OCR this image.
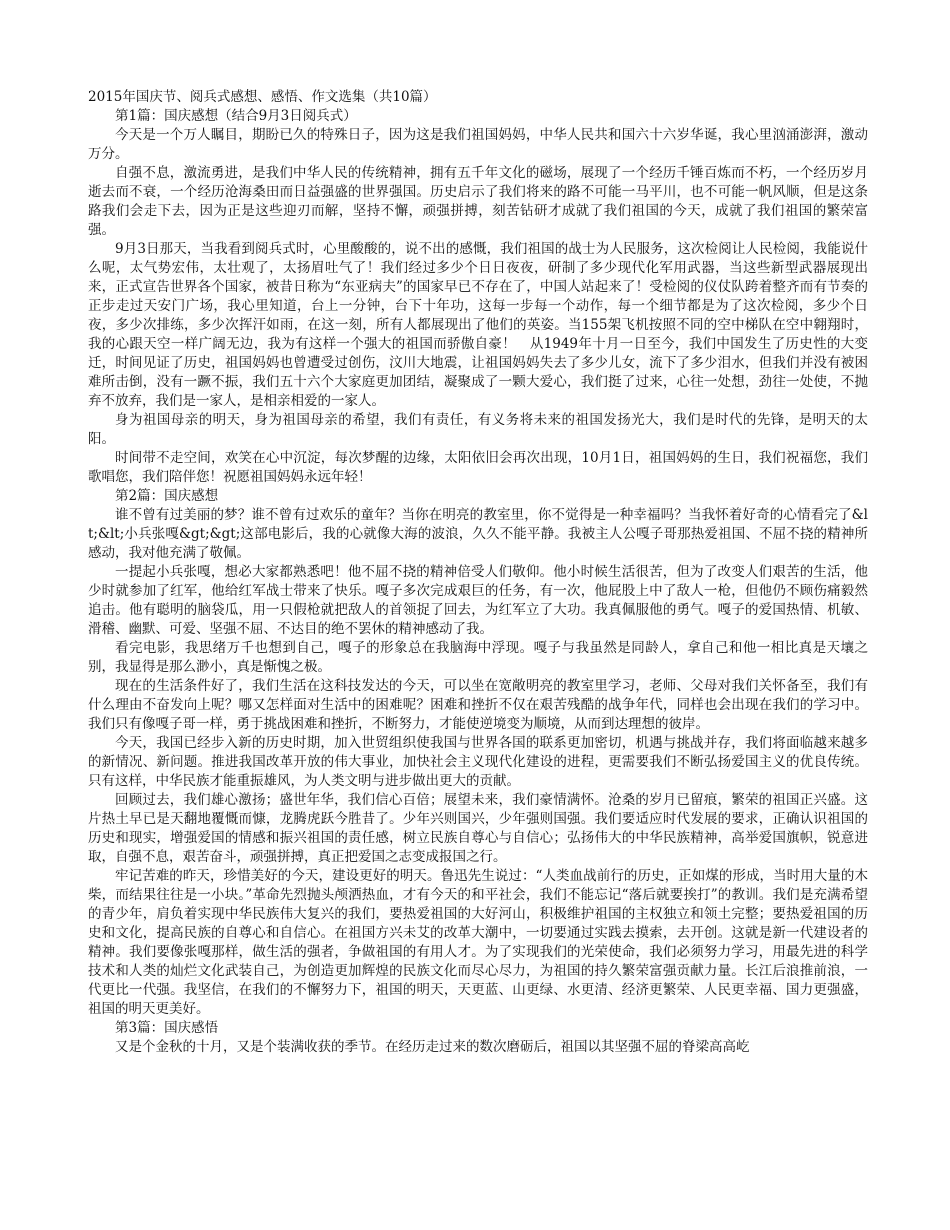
2015年国庆节、阅兵式感想、感悟、作文选集（共10篇）

第1篇：国庆感想（结合9月3日阅兵式）

今天是一个万人瞩目，期盼已久的特殊日子，因为这是我们祖国妈妈，中华人民共和国六十六岁华诞，我心里汹涌澎湃，激动万分。

自强不息，激流勇进，是我们中华人民的传统精神，拥有五千年文化的磁场，展现了一个经历千锤百炼而不朽，一个经历岁月逝去而不衰，一个经历沧海桑田而日益强盛的世界强国。历史启示了我们将来的路不可能一马平川，也不可能一帆风顺，但是这条路我们会走下去，因为正是这些迎刃而解，坚持不懈，顽强拼搏，刻苦钻研才成就了我们祖国的今天，成就了我们祖国的繁荣富强。

9月3日那天，当我看到阅兵式时，心里酸酸的，说不出的感慨，我们祖国的战士为人民服务，这次检阅让人民检阅，我能说什么呢，太气势宏伟，太壮观了，太扬眉吐气了！我们经过多少个日日夜夜，研制了多少现代化军用武器，当这些新型武器展现出来，正式宣告世界各个国家，被昔日称为“东亚病夫”的国家早已不存在了，中国人站起来了！受检阅的仪仗队跨着整齐而有节奏的正步走过天安门广场，我心里知道，台上一分钟，台下十年功，这每一步每一个动作，每一个细节都是为了这次检阅，多少个日夜，多少次排练，多少次挥汗如雨，在这一刻，所有人都展现出了他们的英姿。当155架飞机按照不同的空中梯队在空中翱翔时，我的心跟天空一样广阔无边，我为有这样一个强大的祖国而骄傲自豪！　从1949年十月一日至今，我们中国发生了历史性的大变迁，时间见证了历史，祖国妈妈也曾遭受过创伤，汶川大地震，让祖国妈妈失去了多少儿女，流下了多少泪水，但我们并没有被困难所击倒，没有一蹶不振，我们五十六个大家庭更加团结，凝聚成了一颗大爱心，我们挺了过来，心往一处想，劲往一处使，不抛弃不放弃，我们是一家人，是相亲相爱的一家人。

身为祖国母亲的明天，身为祖国母亲的希望，我们有责任，有义务将未来的祖国发扬光大，我们是时代的先锋，是明天的太阳。

时间带不走空间，欢笑在心中沉淀，每次梦醒的边缘，太阳依旧会再次出现，10月1日，祖国妈妈的生日，我们祝福您，我们歌唱您，我们陪伴您！祝愿祖国妈妈永远年轻！

第2篇：国庆感想

谁不曾有过美丽的梦？谁不曾有过欢乐的童年？当你在明亮的教室里，你不觉得是一种幸福吗？当我怀着好奇的心情看完了&lt;&lt;小兵张嘎&gt;&gt;这部电影后，我的心就像大海的波浪，久久不能平静。我被主人公嘎子哥那热爱祖国、不屈不挠的精神所感动，我对他充满了敬佩。

一提起小兵张嘎，想必大家都熟悉吧！他不屈不挠的精神倍受人们敬仰。他小时候生活很苦，但为了改变人们艰苦的生活，他少时就参加了红军，他给红军战士带来了快乐。嘎子多次完成艰巨的任务，有一次，他屁股上中了敌人一枪，但他仍不顾伤痛毅然追击。他有聪明的脑袋瓜，用一只假枪就把敌人的首领捉了回去，为红军立了大功。我真佩服他的勇气。嘎子的爱国热情、机敏、滑稽、幽默、可爱、坚强不屈、不达目的绝不罢休的精神感动了我。

看完电影，我思绪万千也想到自己，嘎子的形象总在我脑海中浮现。嘎子与我虽然是同龄人，拿自己和他一相比真是天壤之别，我显得是那么渺小，真是惭愧之极。

现在的生活条件好了，我们生活在这科技发达的今天，可以坐在宽敞明亮的教室里学习，老师、父母对我们关怀备至，我们有什么理由不奋发向上呢？哪又怎样面对生活中的困难呢？困难和挫折不仅在艰苦残酷的战争年代，同样也会出现在我们的学习中。我们只有像嘎子哥一样，勇于挑战困难和挫折，不断努力，才能使逆境变为顺境，从而到达理想的彼岸。

今天，我国已经步入新的历史时期，加入世贸组织使我国与世界各国的联系更加密切，机遇与挑战并存，我们将面临越来越多的新情况、新问题。推进我国改革开放的伟大事业，加快社会主义现代化建设的进程，更需要我们不断弘扬爱国主义的优良传统。只有这样，中华民族才能重振雄风，为人类文明与进步做出更大的贡献。

回顾过去，我们雄心激扬；盛世年华，我们信心百倍；展望未来，我们豪情满怀。沧桑的岁月已留痕，繁荣的祖国正兴盛。这片热土早已是天翻地覆慨而慷，龙腾虎跃今胜昔了。少年兴则国兴，少年强则国强。我们要适应时代发展的要求，正确认识祖国的历史和现实，增强爱国的情感和振兴祖国的责任感，树立民族自尊心与自信心；弘扬伟大的中华民族精神，高举爱国旗帜，锐意进取，自强不息，艰苦奋斗，顽强拼搏，真正把爱国之志变成报国之行。

牢记苦难的昨天，珍惜美好的今天，建设更好的明天。鲁迅先生说过：“人类血战前行的历史，正如煤的形成，当时用大量的木柴，而结果往往是一小块。”革命先烈抛头颅洒热血，才有今天的和平社会，我们不能忘记“落后就要挨打”的教训。我们是充满希望的青少年，肩负着实现中华民族伟大复兴的我们，要热爱祖国的大好河山，积极维护祖国的主权独立和领土完整；要热爱祖国的历史和文化，提高民族的自尊心和自信心。在祖国方兴未艾的改革大潮中，一切要通过实践去摸索，去开创。这就是新一代建设者的精神。我们要像张嘎那样，做生活的强者，争做祖国的有用人才。为了实现我们的光荣使命，我们必须努力学习，用最先进的科学技术和人类的灿烂文化武装自己，为创造更加辉煌的民族文化而尽心尽力，为祖国的持久繁荣富强贡献力量。长江后浪推前浪，一代更比一代强。我坚信，在我们的不懈努力下，祖国的明天，天更蓝、山更绿、水更清、经济更繁荣、人民更幸福、国力更强盛，祖国的明天更美好。

第3篇：国庆感悟

又是个金秋的十月，又是个装满收获的季节。在经历走过来的数次磨砺后，祖国以其坚强不屈的脊梁高高屹
